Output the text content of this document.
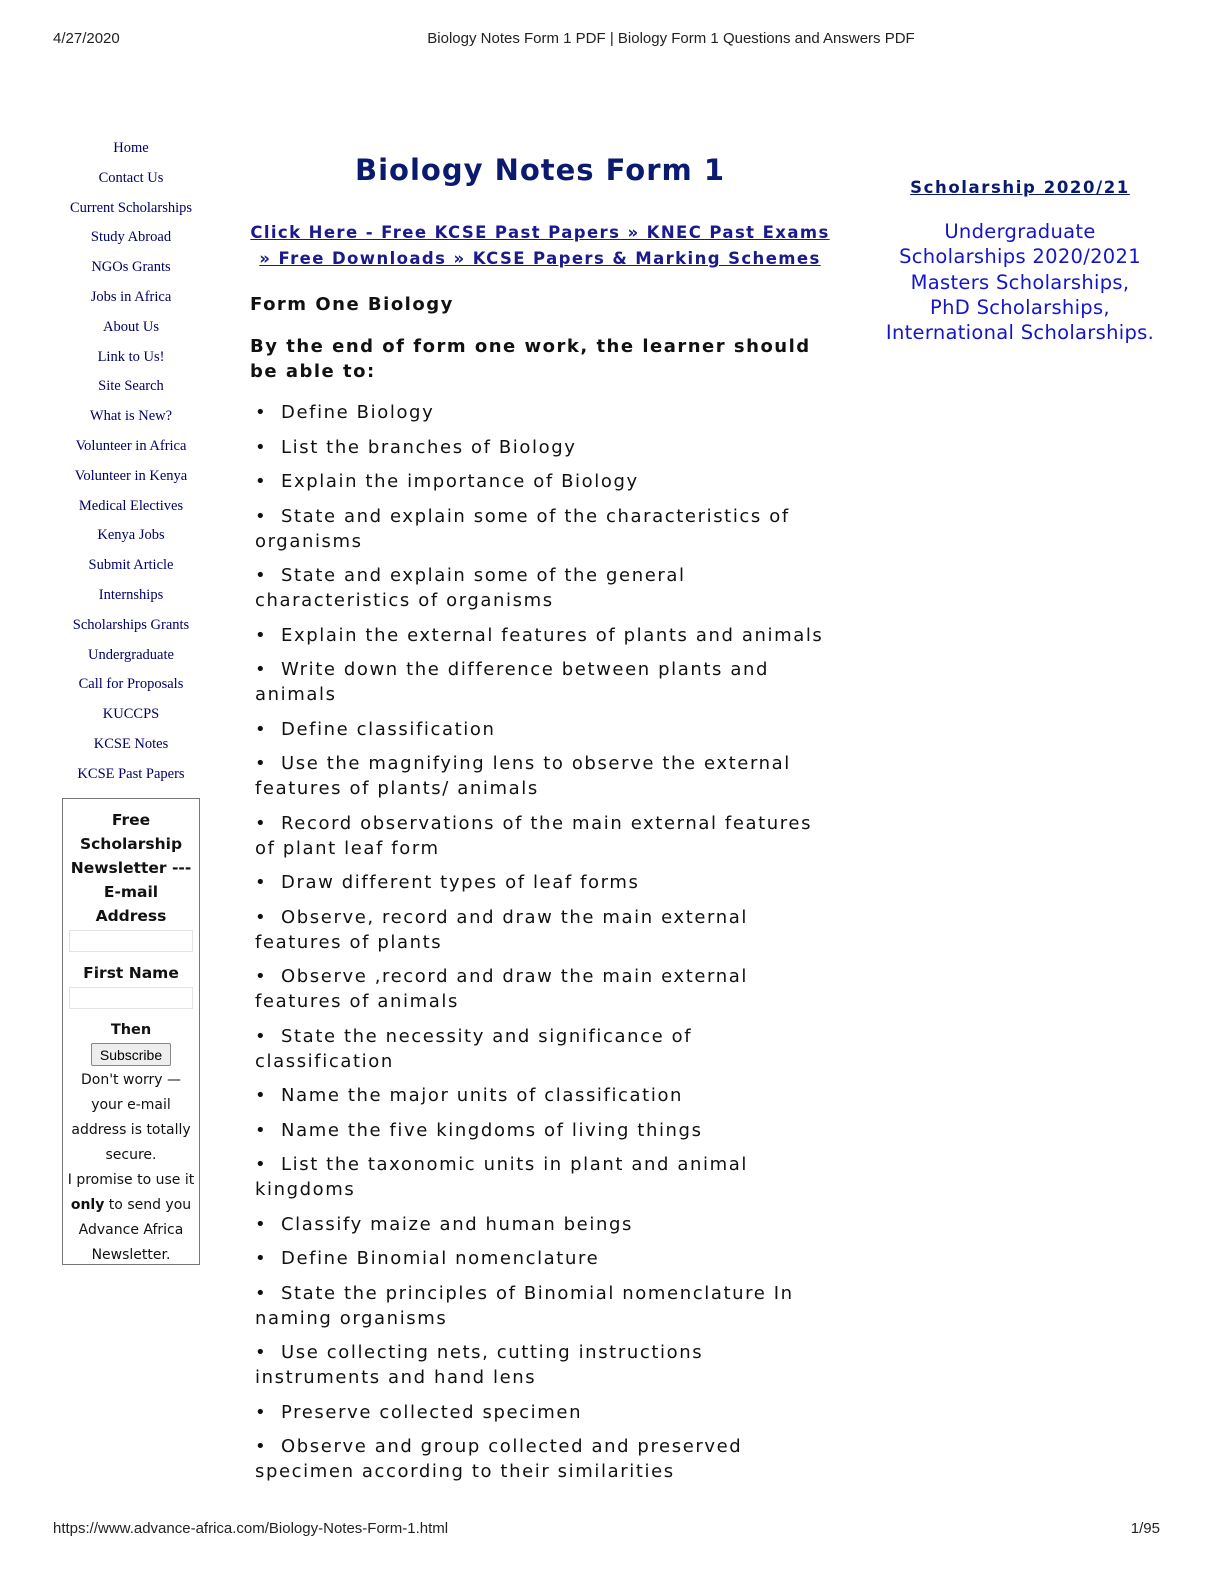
4/27/2020	Biology Notes Form 1 PDF | Biology Form 1 Questions and Answers PDF
Home
Contact Us
Current Scholarships
Study Abroad
NGOs Grants
Jobs in Africa
About Us
Link to Us!
Site Search
What is New?
Volunteer in Africa
Volunteer in Kenya
Medical Electives
Kenya Jobs
Submit Article
Internships
Scholarships Grants
Undergraduate
Call for Proposals
KUCCPS
KCSE Notes
KCSE Past Papers
Free
Scholarship
Newsletter ---
E-mail
Address
First Name
Then
Subscribe
Don't worry —
your e-mail
address is totally
secure.
I promise to use it
only to send you
Advance Africa
Newsletter.
Biology Notes Form 1
Click Here - Free KCSE Past Papers » KNEC Past Exams
» Free Downloads » KCSE Papers & Marking Schemes
Form One Biology
By the end of form one work, the learner should
be able to:
• Define Biology
• List the branches of Biology
• Explain the importance of Biology
• State and explain some of the characteristics of
organisms
• State and explain some of the general
characteristics of organisms
• Explain the external features of plants and animals
• Write down the difference between plants and
animals
• Define classification
• Use the magnifying lens to observe the external
features of plants/ animals
• Record observations of the main external features
of plant leaf form
• Draw different types of leaf forms
• Observe, record and draw the main external
features of plants
• Observe ,record and draw the main external
features of animals
• State the necessity and significance of
classification
• Name the major units of classification
• Name the five kingdoms of living things
• List the taxonomic units in plant and animal
kingdoms
• Classify maize and human beings
• Define Binomial nomenclature
• State the principles of Binomial nomenclature In
naming organisms
• Use collecting nets, cutting instructions
instruments and hand lens
• Preserve collected specimen
• Observe and group collected and preserved
specimen according to their similarities
Scholarship 2020/21
Undergraduate
Scholarships 2020/2021
Masters Scholarships,
PhD Scholarships,
International Scholarships.
https://www.advance-africa.com/Biology-Notes-Form-1.html	1/95
